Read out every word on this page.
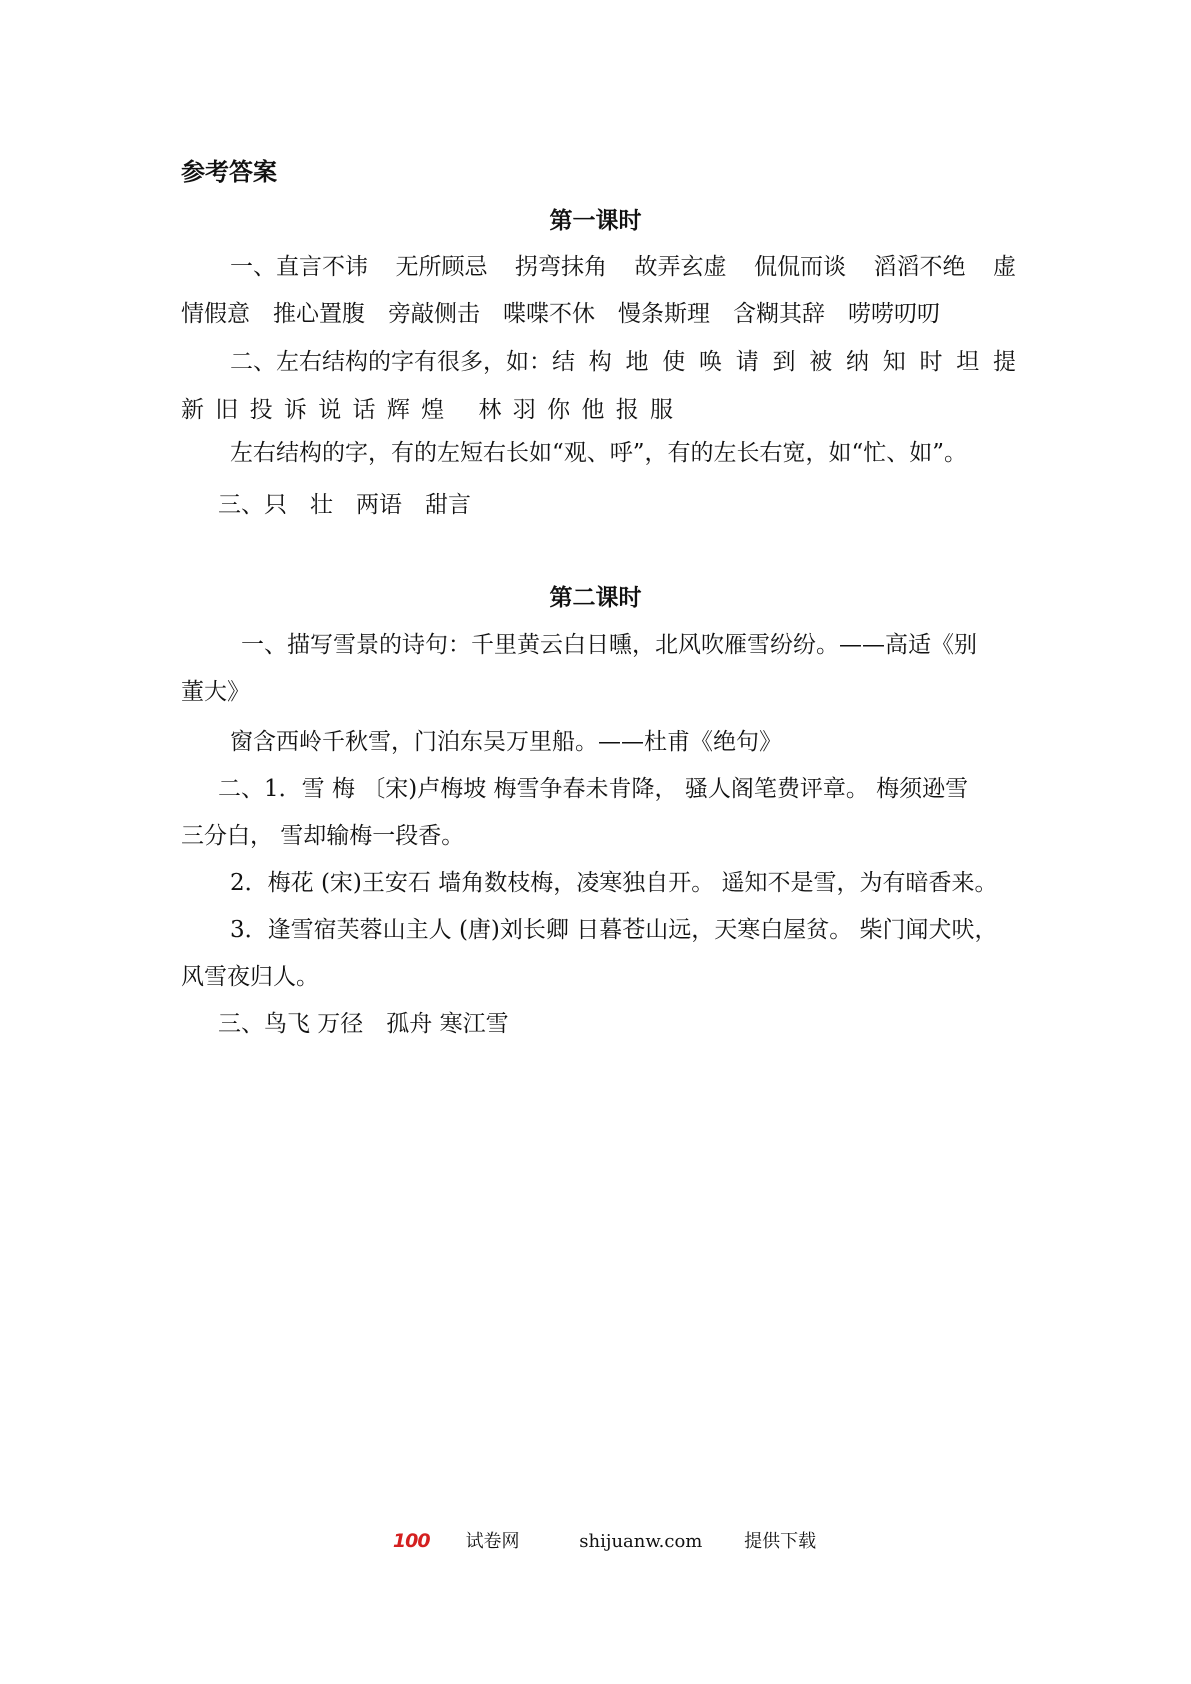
参考答案
第一课时
一、直言不讳 无所顾忌 拐弯抹角 故弄玄虚 侃侃而谈 滔滔不绝 虚
情假意　推心置腹　旁敲侧击　喋喋不休　慢条斯理　含糊其辞　唠唠叨叨
二、左右结构的字有很多，如：结 构 地 使 唤 请 到 被 纳 知 时 坦 提
新 旧 投 诉 说 话 辉 煌　 林 羽 你 他 报 服
左右结构的字，有的左短右长如“观、呼”，有的左长右宽，如“忙、如”。
三、只　壮　两语　甜言
第二课时
一、描写雪景的诗句：千里黄云白日曛，北风吹雁雪纷纷。——高适《别
董大》
窗含西岭千秋雪，门泊东吴万里船。——杜甫《绝句》
二、1．雪 梅 〔宋)卢梅坡 梅雪争春未肯降， 骚人阁笔费评章。 梅须逊雪
三分白， 雪却输梅一段香。
2．梅花 (宋)王安石 墙角数枝梅，凌寒独自开。 遥知不是雪，为有暗香来。
3．逢雪宿芙蓉山主人 (唐)刘长卿 日暮苍山远，天寒白屋贫。 柴门闻犬吠，
风雪夜归人。
三、鸟飞 万径　孤舟 寒江雪
100 试卷网	shijuanw.com 提供下载
